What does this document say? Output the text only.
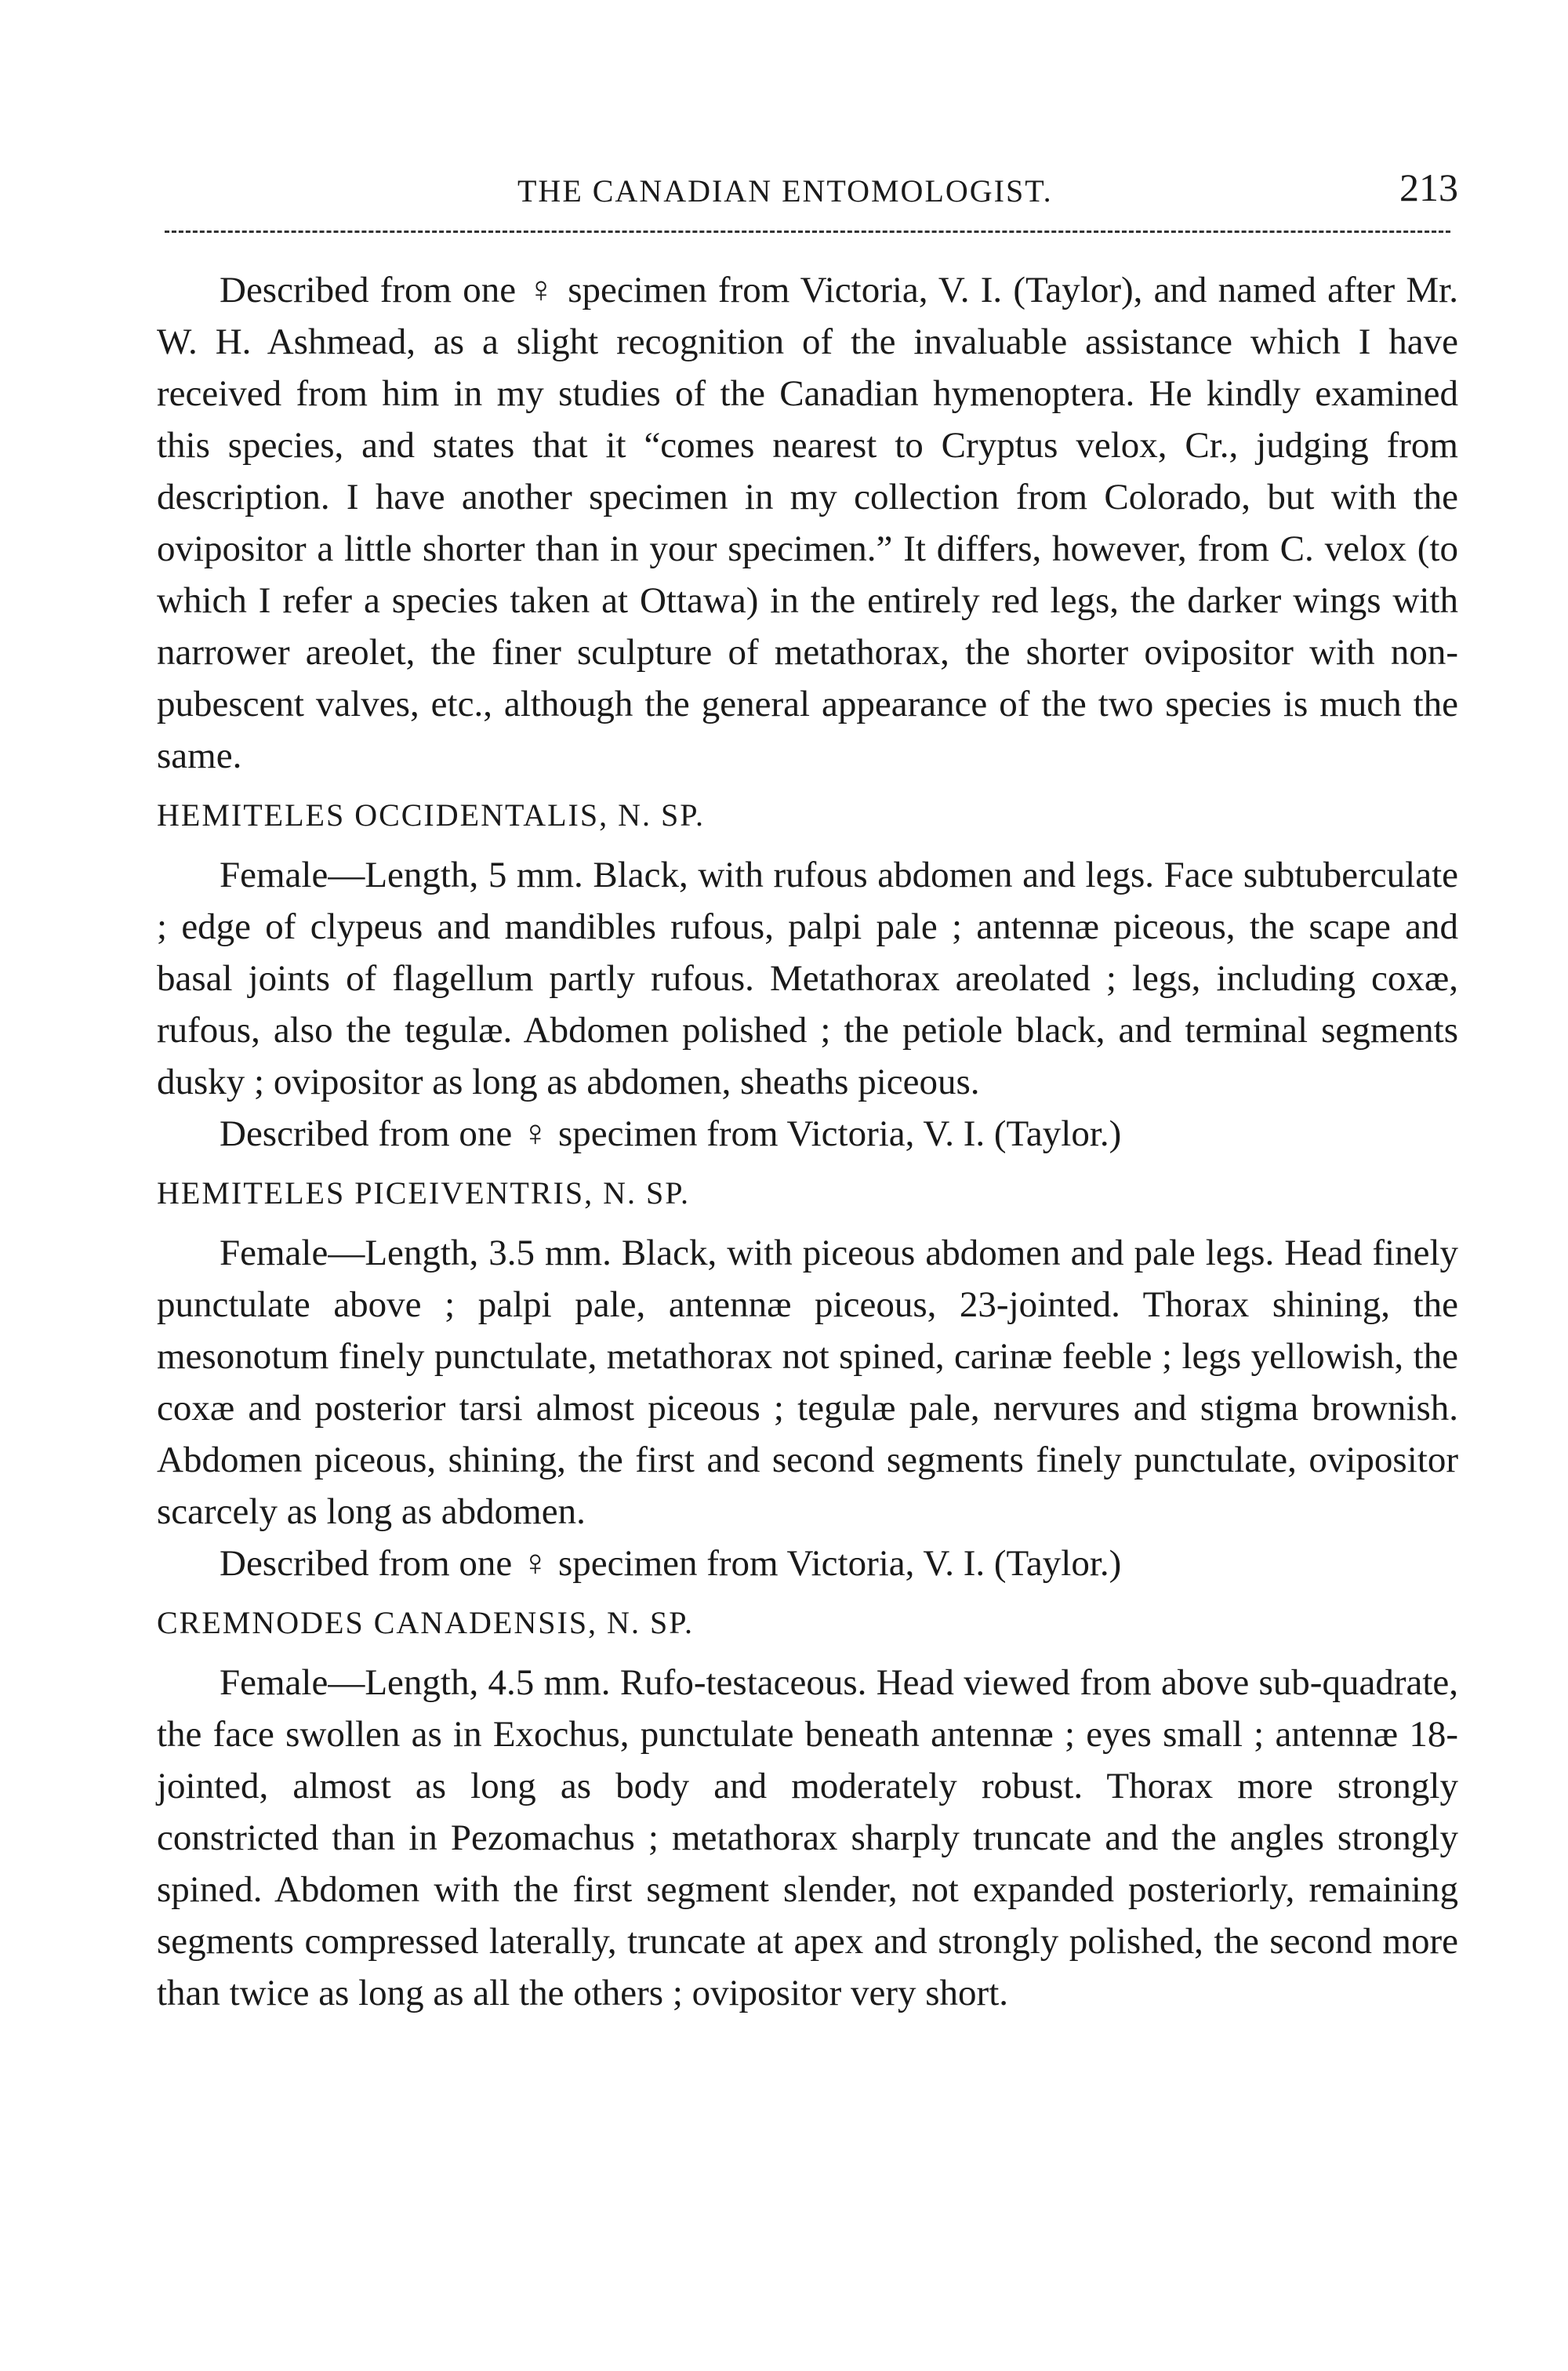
THE CANADIAN ENTOMOLOGIST.	213

Described from one ♀ specimen from Victoria, V. I. (Taylor), and named after Mr. W. H. Ashmead, as a slight recognition of the invaluable assistance which I have received from him in my studies of the Canadian hymenoptera. He kindly examined this species, and states that it “comes nearest to Cryptus velox, Cr., judging from description. I have another specimen in my collection from Colorado, but with the ovipositor a little shorter than in your specimen.” It differs, however, from C. velox (to which I refer a species taken at Ottawa) in the entirely red legs, the darker wings with narrower areolet, the finer sculpture of metathorax, the shorter ovipositor with non-pubescent valves, etc., although the general appearance of the two species is much the same.

HEMITELES OCCIDENTALIS, N. SP.

Female—Length, 5 mm. Black, with rufous abdomen and legs. Face subtuberculate ; edge of clypeus and mandibles rufous, palpi pale ; antennæ piceous, the scape and basal joints of flagellum partly rufous. Metathorax areolated ; legs, including coxæ, rufous, also the tegulæ. Abdomen polished ; the petiole black, and terminal segments dusky ; ovipositor as long as abdomen, sheaths piceous.

Described from one ♀ specimen from Victoria, V. I. (Taylor.)

HEMITELES PICEIVENTRIS, N. SP.

Female—Length, 3.5 mm. Black, with piceous abdomen and pale legs. Head finely punctulate above ; palpi pale, antennæ piceous, 23-jointed. Thorax shining, the mesonotum finely punctulate, metathorax not spined, carinæ feeble ; legs yellowish, the coxæ and posterior tarsi almost piceous ; tegulæ pale, nervures and stigma brownish. Abdomen piceous, shining, the first and second segments finely punctulate, ovipositor scarcely as long as abdomen.

Described from one ♀ specimen from Victoria, V. I. (Taylor.)

CREMNODES CANADENSIS, N. SP.

Female—Length, 4.5 mm. Rufo-testaceous. Head viewed from above sub-quadrate, the face swollen as in Exochus, punctulate beneath antennæ ; eyes small ; antennæ 18-jointed, almost as long as body and moderately robust. Thorax more strongly constricted than in Pezomachus ; metathorax sharply truncate and the angles strongly spined. Abdomen with the first segment slender, not expanded posteriorly, remaining segments compressed laterally, truncate at apex and strongly polished, the second more than twice as long as all the others ; ovipositor very short.
